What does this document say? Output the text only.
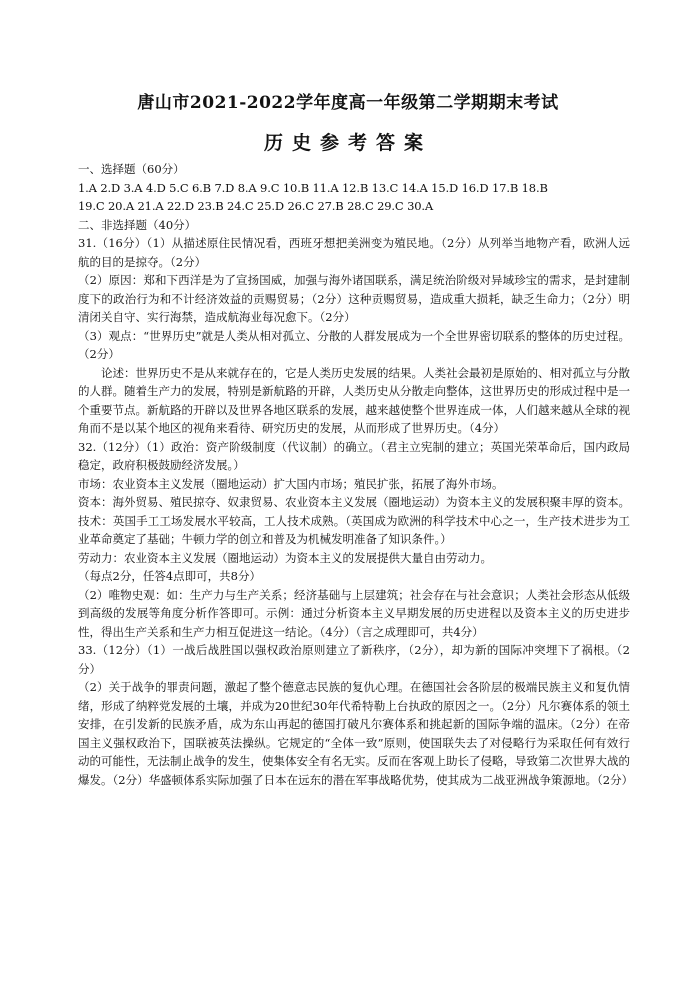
唐山市2021-2022学年度高一年级第二学期期末考试
历史参考答案

一、选择题（60分）

1.A 2.D 3.A 4.D 5.C 6.B 7.D 8.A 9.C 10.B 11.A 12.B 13.C 14.A 15.D 16.D 17.B 18.B

19.C 20.A 21.A 22.D 23.B 24.C 25.D 26.C 27.B 28.C 29.C 30.A

二、非选择题（40分）

31.（16分）（1）从描述原住民情况看，西班牙想把美洲变为殖民地。（2分）从列举当地物产看，欧洲人远航的目的是掠夺。（2分）

（2）原因：郑和下西洋是为了宣扬国威，加强与海外诸国联系，满足统治阶级对异域珍宝的需求，是封建制度下的政治行为和不计经济效益的贡赐贸易；（2分）这种贡赐贸易，造成重大损耗，缺乏生命力；（2分）明清闭关自守、实行海禁，造成航海业每况愈下。（2分）

（3）观点：“世界历史”就是人类从相对孤立、分散的人群发展成为一个全世界密切联系的整体的历史过程。（2分）

论述：世界历史不是从来就存在的，它是人类历史发展的结果。人类社会最初是原始的、相对孤立与分散的人群。随着生产力的发展，特别是新航路的开辟，人类历史从分散走向整体，这世界历史的形成过程中是一个重要节点。新航路的开辟以及世界各地区联系的发展，越来越使整个世界连成一体，人们越来越从全球的视角而不是以某个地区的视角来看待、研究历史的发展，从而形成了世界历史。（4分）

32.（12分）（1）政治：资产阶级制度（代议制）的确立。（君主立宪制的建立；英国光荣革命后，国内政局稳定，政府积极鼓励经济发展。）

市场：农业资本主义发展（圈地运动）扩大国内市场；殖民扩张，拓展了海外市场。

资本：海外贸易、殖民掠夺、奴隶贸易、农业资本主义发展（圈地运动）为资本主义的发展积聚丰厚的资本。

技术：英国手工工场发展水平较高，工人技术成熟。（英国成为欧洲的科学技术中心之一，生产技术进步为工业革命奠定了基础；牛顿力学的创立和普及为机械发明准备了知识条件。）

劳动力：农业资本主义发展（圈地运动）为资本主义的发展提供大量自由劳动力。

（每点2分，任答4点即可，共8分）

（2）唯物史观：如：生产力与生产关系；经济基础与上层建筑；社会存在与社会意识；人类社会形态从低级到高级的发展等角度分析作答即可。示例：通过分析资本主义早期发展的历史进程以及资本主义的历史进步性，得出生产关系和生产力相互促进这一结论。（4分）（言之成理即可，共4分）

33.（12分）（1）一战后战胜国以强权政治原则建立了新秩序，（2分），却为新的国际冲突埋下了祸根。（2分）

（2）关于战争的罪责问题，激起了整个德意志民族的复仇心理。在德国社会各阶层的极端民族主义和复仇情绪，形成了纳粹党发展的土壤，并成为20世纪30年代希特勒上台执政的原因之一。（2分）凡尔赛体系的领土安排，在引发新的民族矛盾，成为东山再起的德国打破凡尔赛体系和挑起新的国际争端的温床。（2分）在帝国主义强权政治下，国联被英法操纵。它规定的“全体一致”原则，使国联失去了对侵略行为采取任何有效行动的可能性，无法制止战争的发生，使集体安全有名无实。反而在客观上助长了侵略，导致第二次世界大战的爆发。（2分）华盛顿体系实际加强了日本在远东的潜在军事战略优势，使其成为二战亚洲战争策源地。（2分）
